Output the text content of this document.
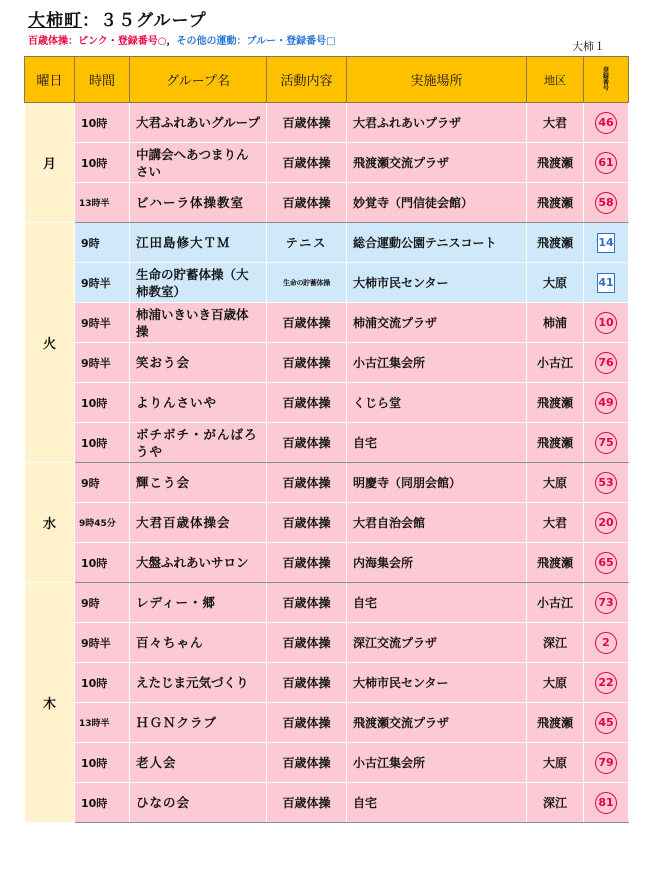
大柿町：３５グループ
百歳体操：ピンク・登録番号○，その他の運動：ブルー・登録番号□	大柿１
曜日	時間	グループ名	活動内容	実施場所	地区	登録番号
月	10時	大君ふれあいグループ	百歳体操	大君ふれあいプラザ	大君	46
	10時	中講会へあつまりんさい	百歳体操	飛渡瀬交流プラザ	飛渡瀬	61
	13時半	ビハーラ体操教室	百歳体操	妙覚寺（門信徒会館）	飛渡瀬	58
火	9時	江田島修大ＴＭ	テニス	総合運動公園テニスコート	飛渡瀬	14
	9時半	生命の貯蓄体操（大柿教室）	生命の貯蓄体操	大柿市民センター	大原	41
	9時半	柿浦いきいき百歳体操	百歳体操	柿浦交流プラザ	柿浦	10
	9時半	笑おう会	百歳体操	小古江集会所	小古江	76
	10時	よりんさいや	百歳体操	くじら堂	飛渡瀬	49
	10時	ボチボチ・がんばろうや	百歳体操	自宅	飛渡瀬	75
水	9時	輝こう会	百歳体操	明慶寺（同朋会館）	大原	53
	9時45分	大君百歳体操会	百歳体操	大君自治会館	大君	20
	10時	大盤ふれあいサロン	百歳体操	内海集会所	飛渡瀬	65
木	9時	レディー・郷	百歳体操	自宅	小古江	73
	9時半	百々ちゃん	百歳体操	深江交流プラザ	深江	2
	10時	えたじま元気づくり	百歳体操	大柿市民センター	大原	22
	13時半	ＨＧＮクラブ	百歳体操	飛渡瀬交流プラザ	飛渡瀬	45
	10時	老人会	百歳体操	小古江集会所	大原	79
	10時	ひなの会	百歳体操	自宅	深江	81
